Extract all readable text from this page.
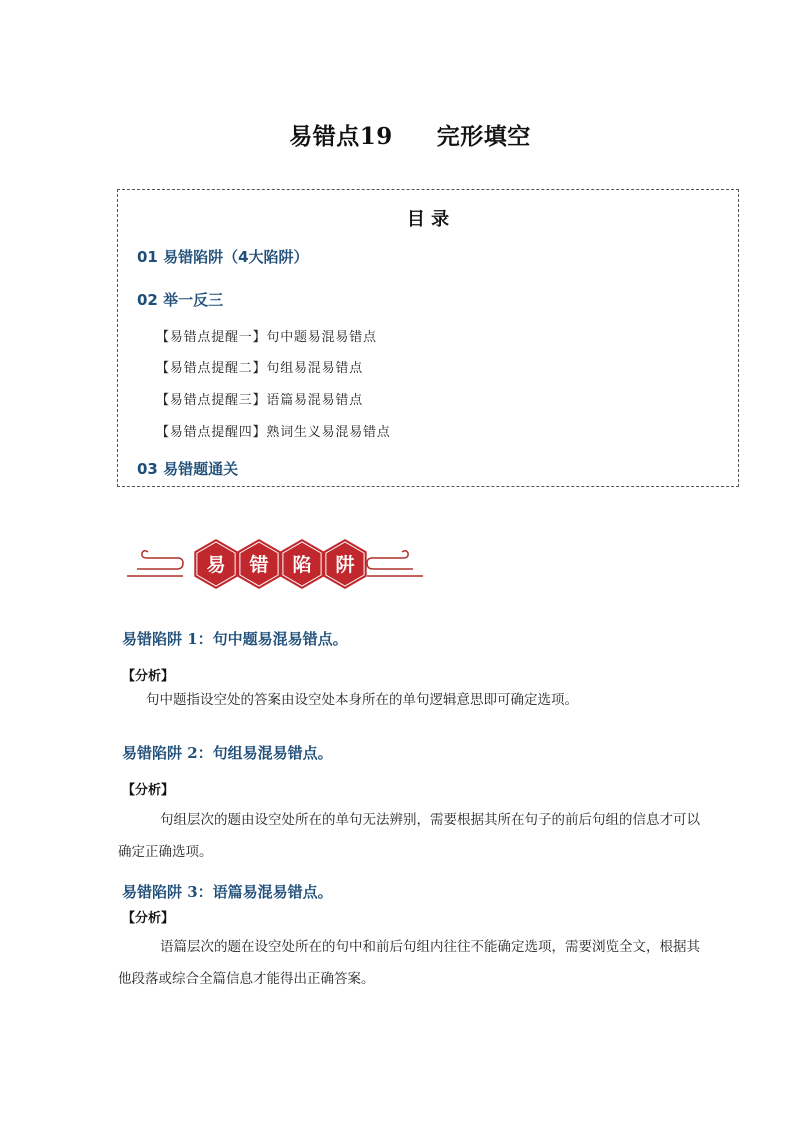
易错点19 完形填空
目 录
01 易错陷阱（4大陷阱）
02 举一反三
【易错点提醒一】句中题易混易错点
【易错点提醒二】句组易混易错点
【易错点提醒三】语篇易混易错点
【易错点提醒四】熟词生义易混易错点
03 易错题通关
易 错 陷 阱
易错陷阱 1：句中题易混易错点。
【分析】
句中题指设空处的答案由设空处本身所在的单句逻辑意思即可确定选项。
易错陷阱 2：句组易混易错点。
【分析】
句组层次的题由设空处所在的单句无法辨别，需要根据其所在句子的前后句组的信息才可以确定正确选项。
易错陷阱 3：语篇易混易错点。
【分析】
语篇层次的题在设空处所在的句中和前后句组内往往不能确定选项，需要浏览全文，根据其他段落或综合全篇信息才能得出正确答案。
